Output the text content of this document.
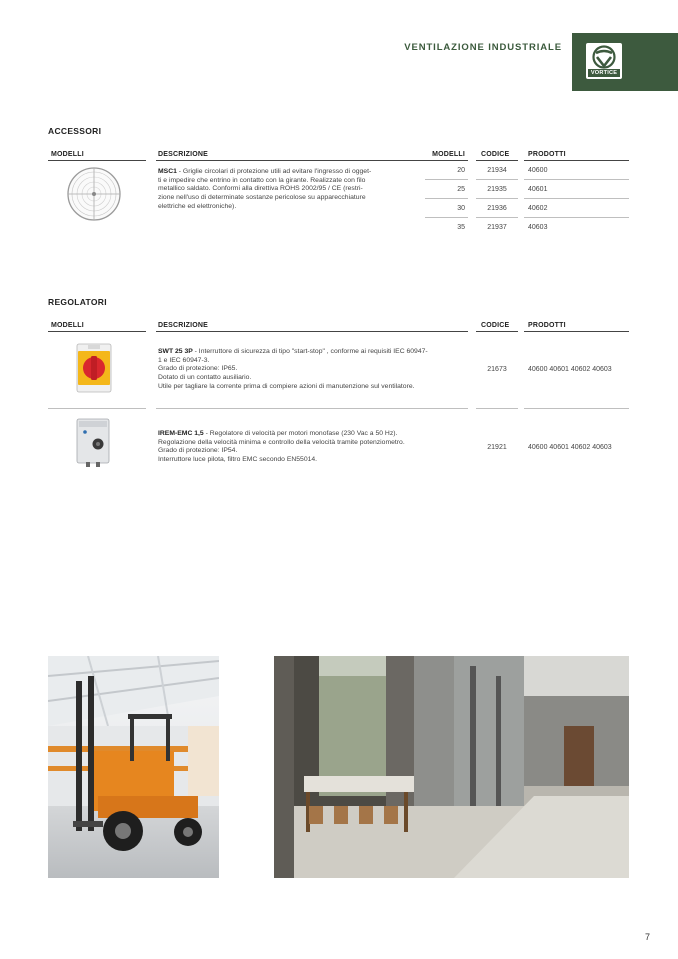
VENTILAZIONE INDUSTRIALE
VORTICE
ACCESSORI
MODELLI	DESCRIZIONE	MODELLI CODICE	PRODOTTI
MSC1 - Griglie circolari di protezione utili ad evitare l'ingresso di ogget-
ti e impedire che entrino in contatto con la girante. Realizzate con filo
metallico saldato. Conformi alla direttiva ROHS 2002/95 / CE (restri-
zione nell'uso di determinate sostanze pericolose su apparecchiature
elettriche ed elettroniche).
20	21934	40600
25	21935	40601
30	21936	40602
35	21937	40603
REGOLATORI
MODELLI	DESCRIZIONE	CODICE	PRODOTTI
SWT 25 3P - Interruttore di sicurezza di tipo "start-stop" , conforme ai requisiti IEC 60947-
1 e IEC 60947-3.
Grado di protezione: IP65.
Dotato di un contatto ausiliario.
Utile per tagliare la corrente prima di compiere azioni di manutenzione sul ventilatore.
21673	40600 40601 40602 40603
IREM-EMC 1,5 - Regolatore di velocità per motori monofase (230 Vac a 50 Hz).
Regolazione della velocità minima e controllo della velocità tramite potenziometro.
Grado di protezione: IP54.
Interruttore luce pilota, filtro EMC secondo EN55014.
21921	40600 40601 40602 40603
7
